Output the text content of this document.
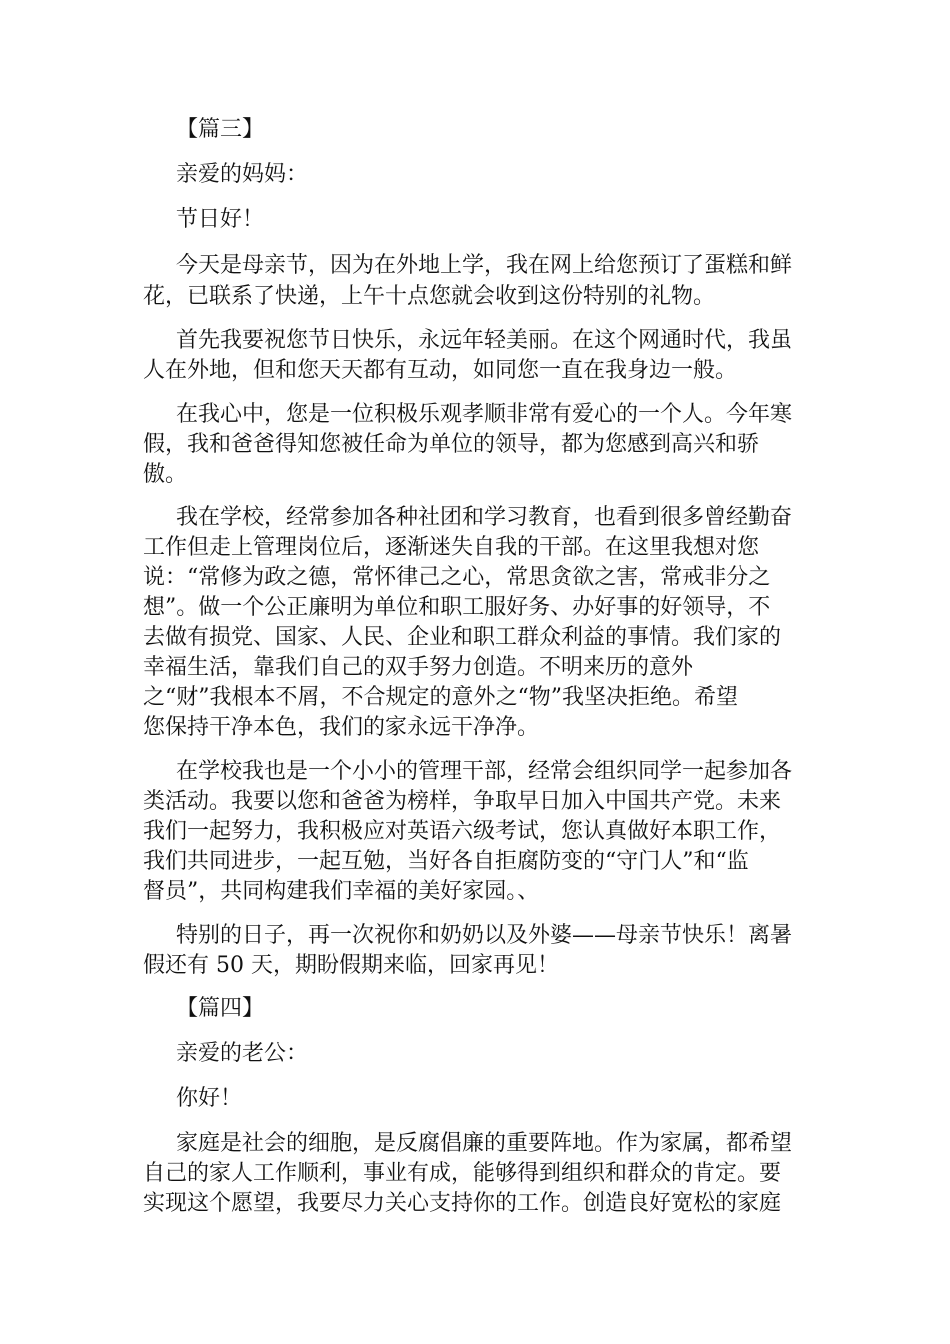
【篇三】

亲爱的妈妈：

节日好！

今天是母亲节，因为在外地上学，我在网上给您预订了蛋糕和鲜

花，已联系了快递，上午十点您就会收到这份特别的礼物。

首先我要祝您节日快乐，永远年轻美丽。在这个网通时代，我虽

人在外地，但和您天天都有互动，如同您一直在我身边一般。

在我心中，您是一位积极乐观孝顺非常有爱心的一个人。今年寒

假，我和爸爸得知您被任命为单位的领导，都为您感到高兴和骄

傲。

我在学校，经常参加各种社团和学习教育，也看到很多曾经勤奋

工作但走上管理岗位后，逐渐迷失自我的干部。在这里我想对您

说：“常修为政之德，常怀律己之心，常思贪欲之害，常戒非分之

想”。做一个公正廉明为单位和职工服好务、办好事的好领导，不

去做有损党、国家、人民、企业和职工群众利益的事情。我们家的

幸福生活，靠我们自己的双手努力创造。不明来历的意外

之“财”我根本不屑，不合规定的意外之“物”我坚决拒绝。希望

您保持干净本色，我们的家永远干净净。

在学校我也是一个小小的管理干部，经常会组织同学一起参加各

类活动。我要以您和爸爸为榜样，争取早日加入中国共产党。未来

我们一起努力，我积极应对英语六级考试，您认真做好本职工作，

我们共同进步，一起互勉，当好各自拒腐防变的“守门人”和“监

督员”，共同构建我们幸福的美好家园。、

特别的日子，再一次祝你和奶奶以及外婆——母亲节快乐！离暑

假还有 50 天，期盼假期来临，回家再见！

【篇四】

亲爱的老公：

你好！

家庭是社会的细胞，是反腐倡廉的重要阵地。作为家属，都希望

自己的家人工作顺利，事业有成，能够得到组织和群众的肯定。要

实现这个愿望，我要尽力关心支持你的工作。创造良好宽松的家庭
